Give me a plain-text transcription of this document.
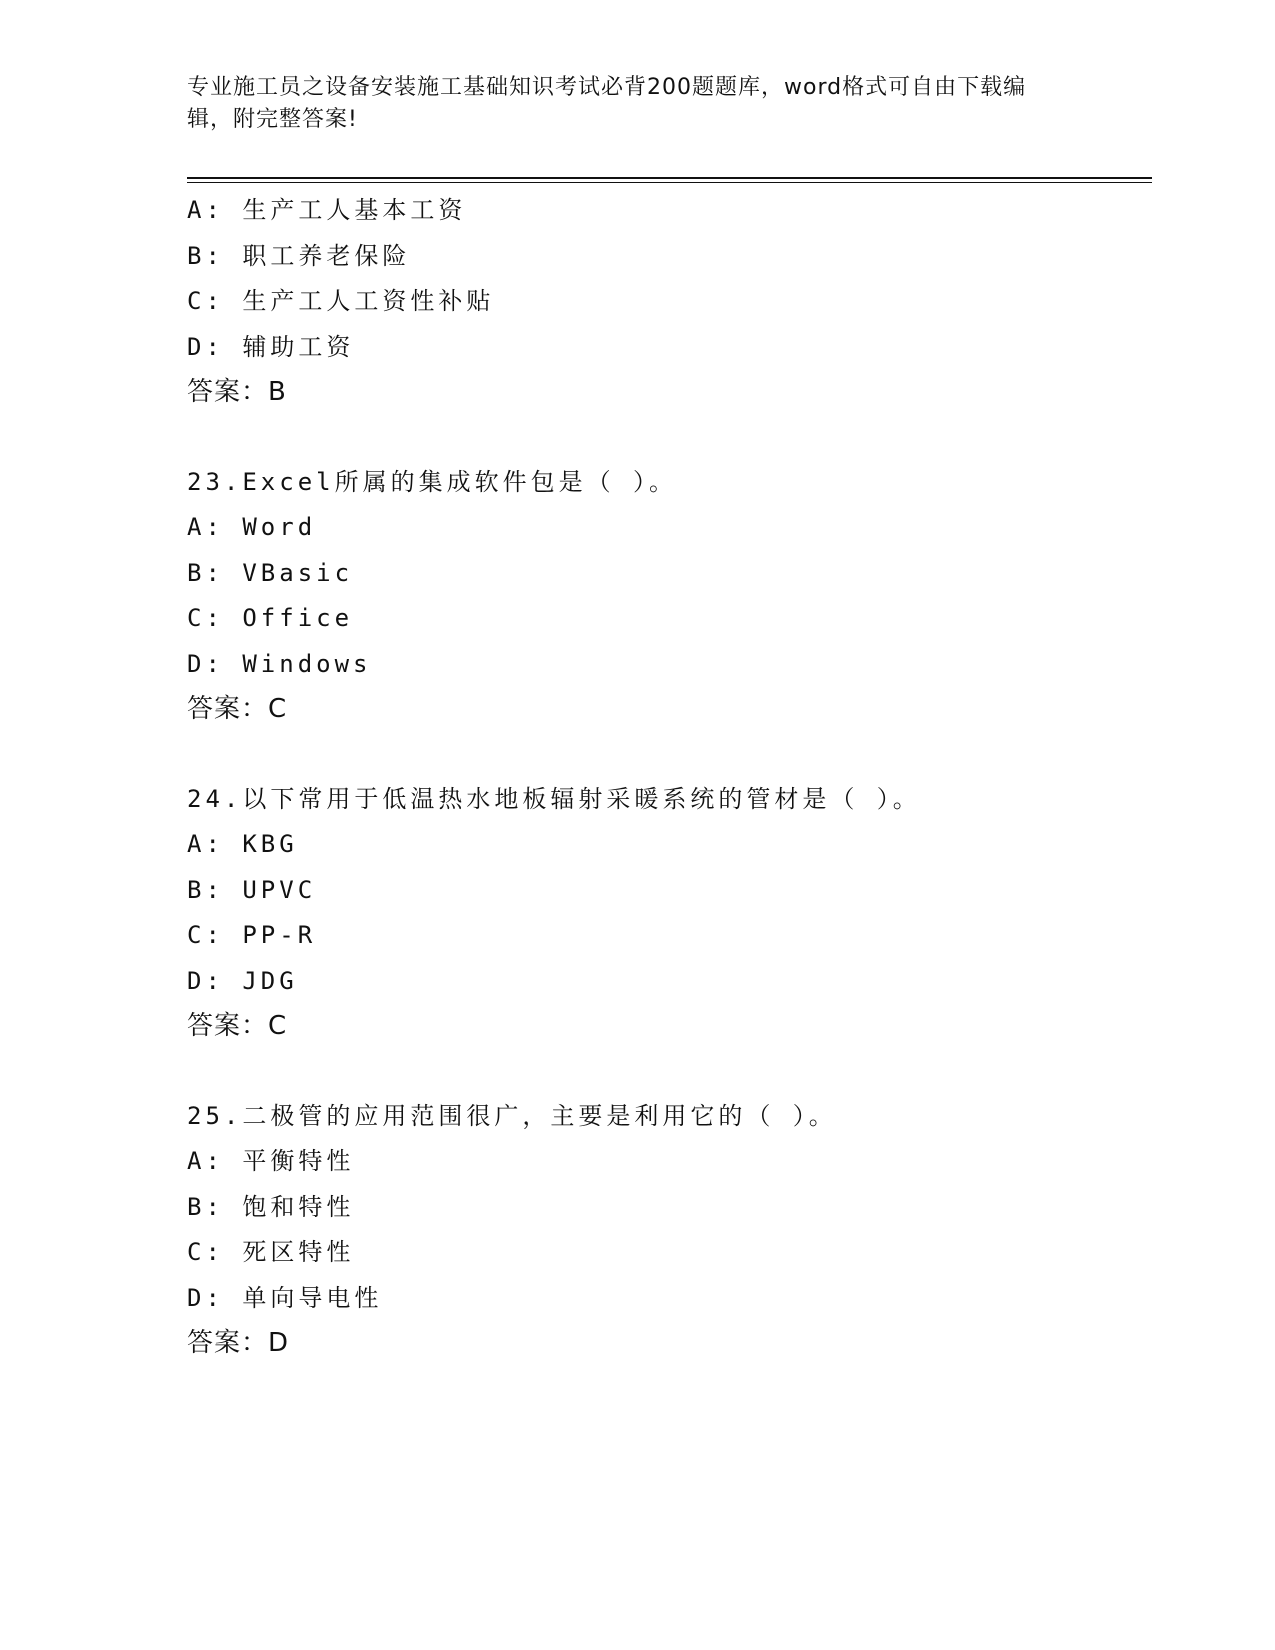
专业施工员之设备安装施工基础知识考试必背200题题库，word格式可自由下载编辑，附完整答案!
A: 生产工人基本工资
B: 职工养老保险
C: 生产工人工资性补贴
D: 辅助工资
答案：B
23.Excel所属的集成软件包是（ ）。
A: Word
B: VBasic
C: Office
D: Windows
答案：C
24.以下常用于低温热水地板辐射采暖系统的管材是（ ）。
A: KBG
B: UPVC
C: PP-R
D: JDG
答案：C
25.二极管的应用范围很广，主要是利用它的（ ）。
A: 平衡特性
B: 饱和特性
C: 死区特性
D: 单向导电性
答案：D
